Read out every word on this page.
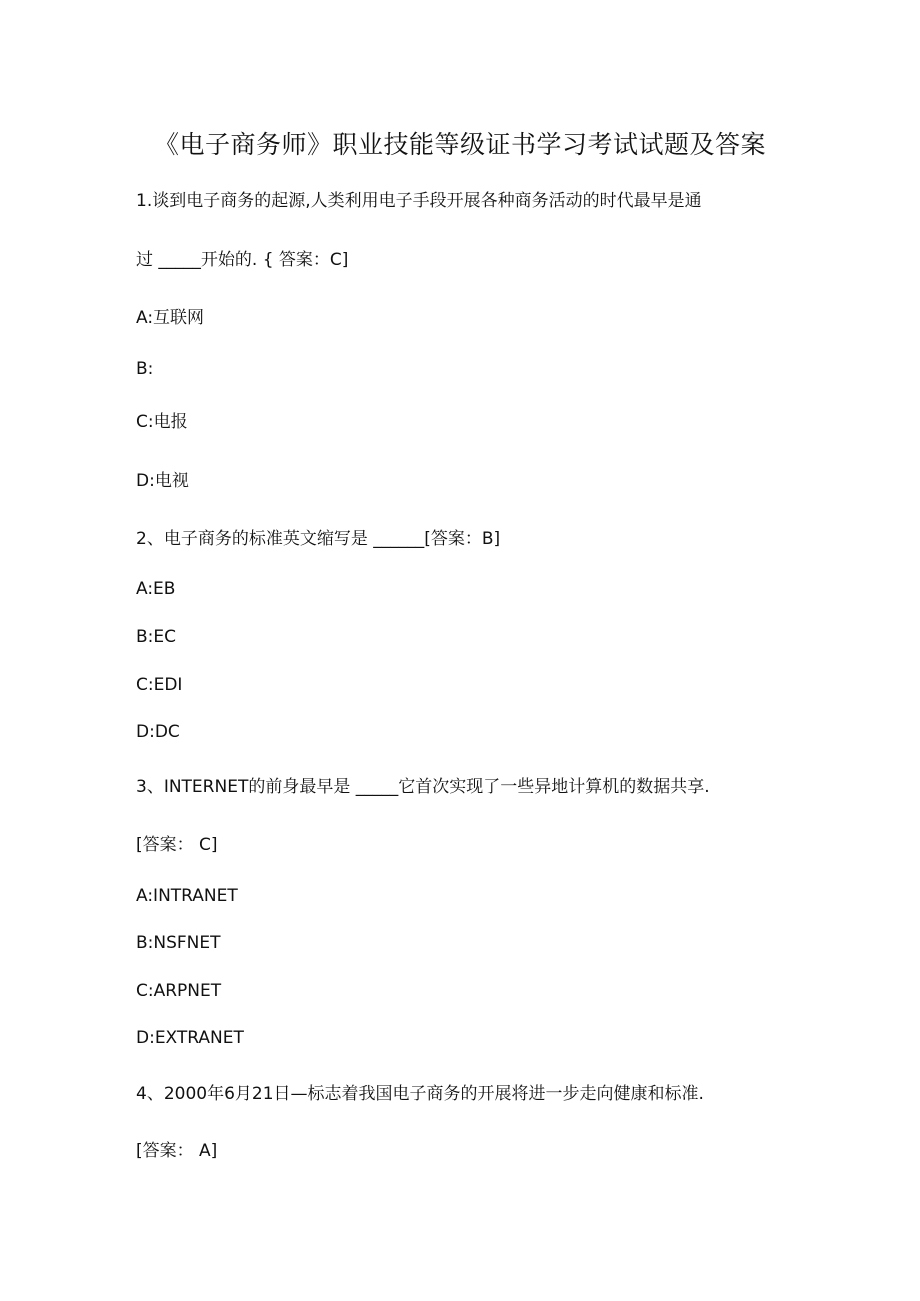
《电子商务师》职业技能等级证书学习考试试题及答案
1.谈到电子商务的起源,人类利用电子手段开展各种商务活动的时代最早是通
过 _____开始的. { 答案：C]
A:互联网
B:
C:电报
D:电视
2、电子商务的标准英文缩写是 ______[答案：B]
A:EB
B:EC
C:EDI
D:DC
3、INTERNET的前身最早是 _____它首次实现了一些异地计算机的数据共享.
[答案： C]
A:INTRANET
B:NSFNET
C:ARPNET
D:EXTRANET
4、2000年6月21日—标志着我国电子商务的开展将进一步走向健康和标准.
[答案： A]
